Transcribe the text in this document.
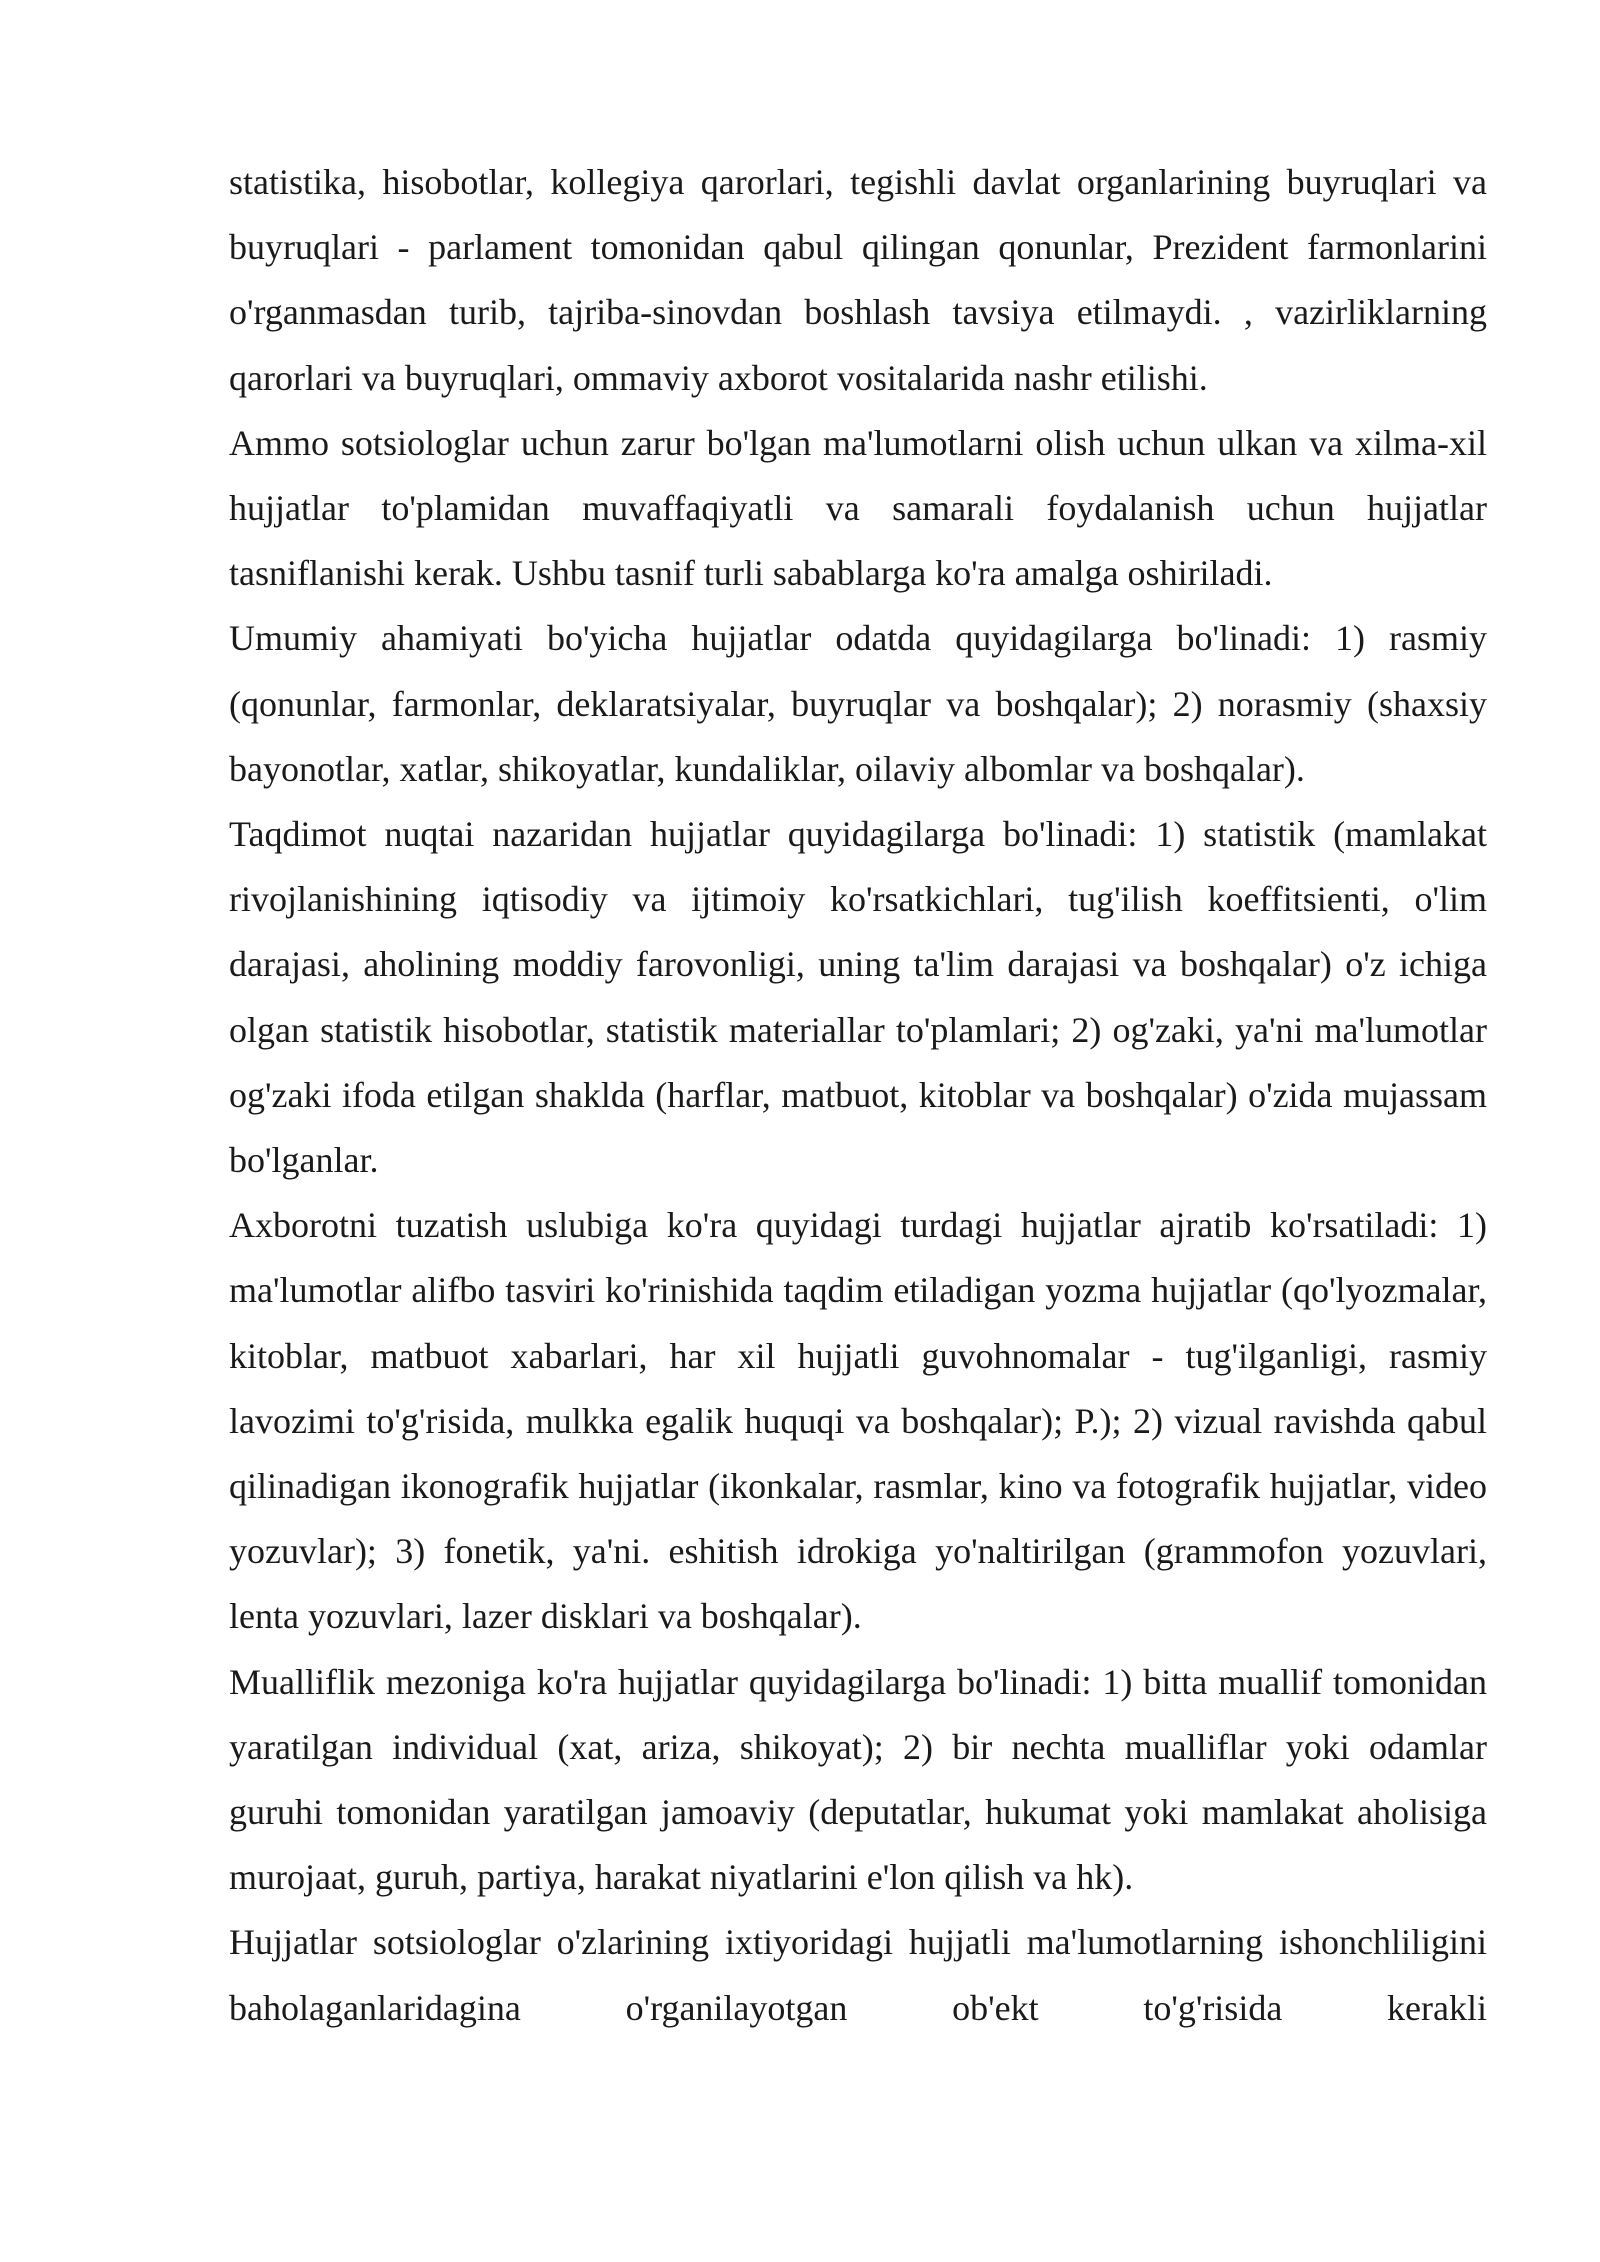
statistika, hisobotlar, kollegiya qarorlari, tegishli davlat organlarining buyruqlari va buyruqlari - parlament tomonidan qabul qilingan qonunlar, Prezident farmonlarini o'rganmasdan turib, tajriba-sinovdan boshlash tavsiya etilmaydi. , vazirliklarning qarorlari va buyruqlari, ommaviy axborot vositalarida nashr etilishi.

Ammo sotsiologlar uchun zarur bo'lgan ma'lumotlarni olish uchun ulkan va xilma-xil hujjatlar to'plamidan muvaffaqiyatli va samarali foydalanish uchun hujjatlar tasniflanishi kerak. Ushbu tasnif turli sabablarga ko'ra amalga oshiriladi.

Umumiy ahamiyati bo'yicha hujjatlar odatda quyidagilarga bo'linadi: 1) rasmiy (qonunlar, farmonlar, deklaratsiyalar, buyruqlar va boshqalar); 2) norasmiy (shaxsiy bayonotlar, xatlar, shikoyatlar, kundaliklar, oilaviy albomlar va boshqalar).

Taqdimot nuqtai nazaridan hujjatlar quyidagilarga bo'linadi: 1) statistik (mamlakat rivojlanishining iqtisodiy va ijtimoiy ko'rsatkichlari, tug'ilish koeffitsienti, o'lim darajasi, aholining moddiy farovonligi, uning ta'lim darajasi va boshqalar) o'z ichiga olgan statistik hisobotlar, statistik materiallar to'plamlari; 2) og'zaki, ya'ni ma'lumotlar og'zaki ifoda etilgan shaklda (harflar, matbuot, kitoblar va boshqalar) o'zida mujassam bo'lganlar.

Axborotni tuzatish uslubiga ko'ra quyidagi turdagi hujjatlar ajratib ko'rsatiladi: 1) ma'lumotlar alifbo tasviri ko'rinishida taqdim etiladigan yozma hujjatlar (qo'lyozmalar, kitoblar, matbuot xabarlari, har xil hujjatli guvohnomalar - tug'ilganligi, rasmiy lavozimi to'g'risida, mulkka egalik huquqi va boshqalar); P.); 2) vizual ravishda qabul qilinadigan ikonografik hujjatlar (ikonkalar, rasmlar, kino va fotografik hujjatlar, video yozuvlar); 3) fonetik, ya'ni. eshitish idrokiga yo'naltirilgan (grammofon yozuvlari, lenta yozuvlari, lazer disklari va boshqalar).

Mualliflik mezoniga ko'ra hujjatlar quyidagilarga bo'linadi: 1) bitta muallif tomonidan yaratilgan individual (xat, ariza, shikoyat); 2) bir nechta mualliflar yoki odamlar guruhi tomonidan yaratilgan jamoaviy (deputatlar, hukumat yoki mamlakat aholisiga murojaat, guruh, partiya, harakat niyatlarini e'lon qilish va hk).

Hujjatlar sotsiologlar o'zlarining ixtiyoridagi hujjatli ma'lumotlarning ishonchliligini baholaganlaridagina o'rganilayotgan ob'ekt to'g'risida kerakli
